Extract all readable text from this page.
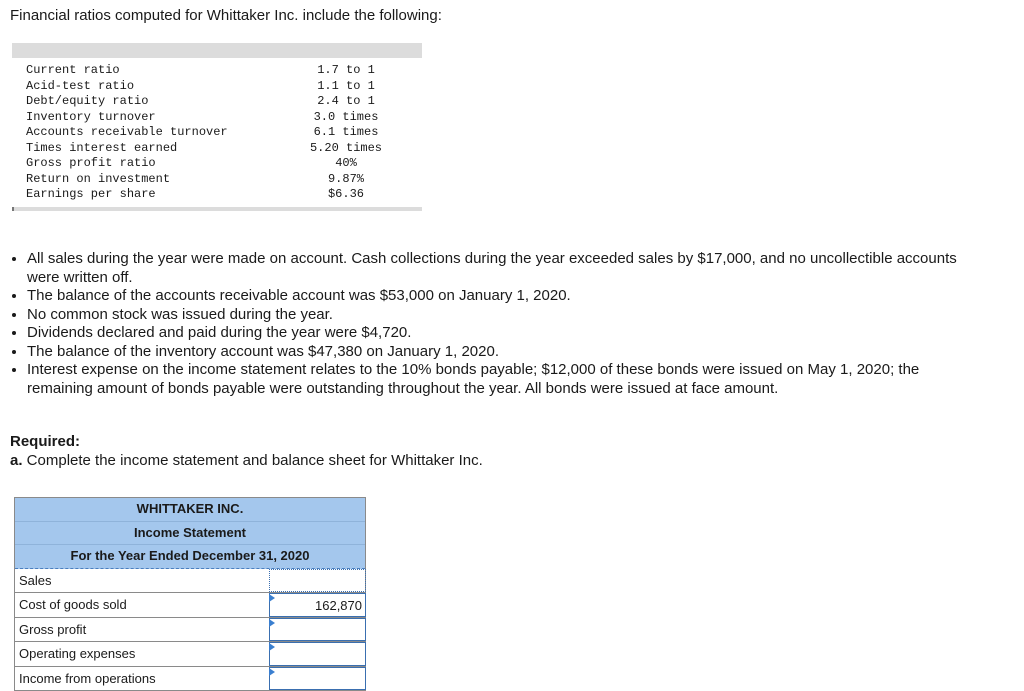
Financial ratios computed for Whittaker Inc. include the following:
Current ratio	1.7 to 1
Acid-test ratio	1.1 to 1
Debt/equity ratio	2.4 to 1
Inventory turnover	3.0 times
Accounts receivable turnover	6.1 times
Times interest earned	5.20 times
Gross profit ratio	40%
Return on investment	9.87%
Earnings per share	$6.36
• All sales during the year were made on account. Cash collections during the year exceeded sales by $17,000, and no uncollectible accounts were written off.
• The balance of the accounts receivable account was $53,000 on January 1, 2020.
• No common stock was issued during the year.
• Dividends declared and paid during the year were $4,720.
• The balance of the inventory account was $47,380 on January 1, 2020.
• Interest expense on the income statement relates to the 10% bonds payable; $12,000 of these bonds were issued on May 1, 2020; the remaining amount of bonds payable were outstanding throughout the year. All bonds were issued at face amount.
Required:
a. Complete the income statement and balance sheet for Whittaker Inc.
WHITTAKER INC.
Income Statement
For the Year Ended December 31, 2020
Sales
Cost of goods sold	162,870
Gross profit
Operating expenses
Income from operations
